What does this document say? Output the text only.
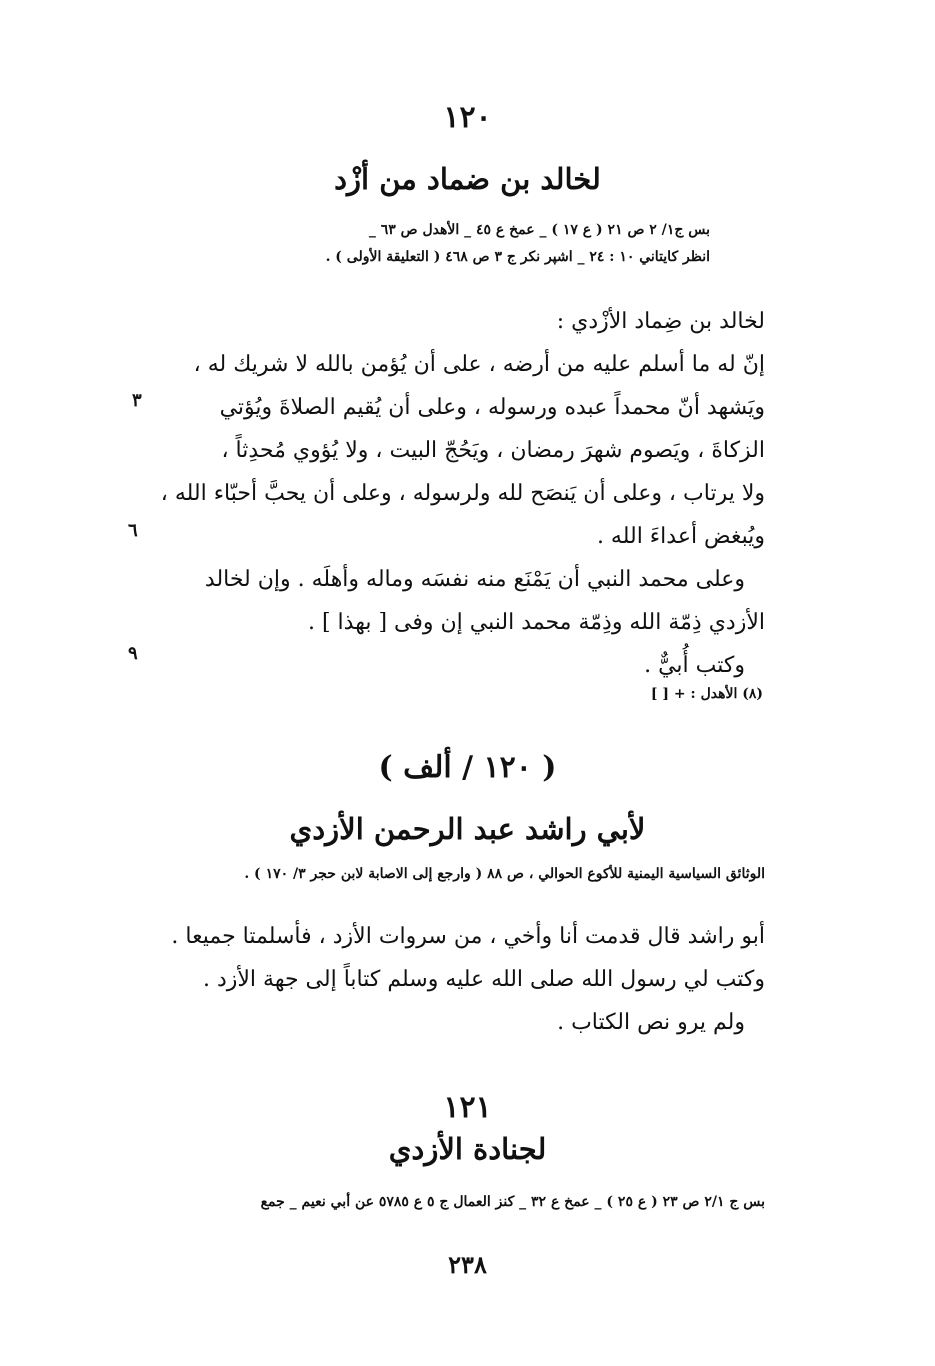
١٢٠
لخالد بن ضماد من أزْد
بس ج١/ ٢ ص ٢١ ( ع ١٧ ) _ عمخ ع ٤٥ _ الأهدل ص ٦٣ _
انظر كايتاني ١٠ : ٢٤ _ اشپر نكر ج ٣ ص ٤٦٨ ( التعليقة الأولى ) .
لخالد بن ضِماد الأزْدي :
إنّ له ما أسلم عليه من أرضه ، على أن يُؤمن بالله لا شريك له ،
ويَشهد أنّ محمداً عبده ورسوله ، وعلى أن يُقيم الصلاةَ ويُؤتي
الزكاةَ ، ويَصوم شهرَ رمضان ، ويَحُجّ البيت ، ولا يُؤوي مُحدِثاً ،
ولا يرتاب ، وعلى أن يَنصَح لله ولرسوله ، وعلى أن يحبَّ أحبّاء الله ،
ويُبغض أعداءَ الله .
وعلى محمد النبي أن يَمْنَع منه نفسَه وماله وأهلَه . وإن لخالد
الأزدي ذِمّة الله وذِمّة محمد النبي إن وفى [ بهذا ] .
وكتب أُبيٌّ .
٣
٦
٩
(٨) الأهدل : + [ ]
( ١٢٠ / ألف )
لأبي راشد عبد الرحمن الأزدي
الوثائق السياسية اليمنية للأكوع الحوالي ، ص ٨٨ ( وارجع إلى الاصابة لابن حجر ٣/ ١٧٠ ) .
أبو راشد قال قدمت أنا وأخي ، من سروات الأزد ، فأسلمتا جميعا .
وكتب لي رسول الله صلى الله عليه وسلم كتاباً إلى جهة الأزد .
ولم يرو نص الكتاب .
١٢١
لجنادة الأزدي
بس ج ٢/١ ص ٢٣ ( ع ٢٥ ) _ عمخ ع ٣٢ _ كنز العمال ج ٥ ع ٥٧٨٥ عن أبي نعيم _ جمع
٢٣٨
